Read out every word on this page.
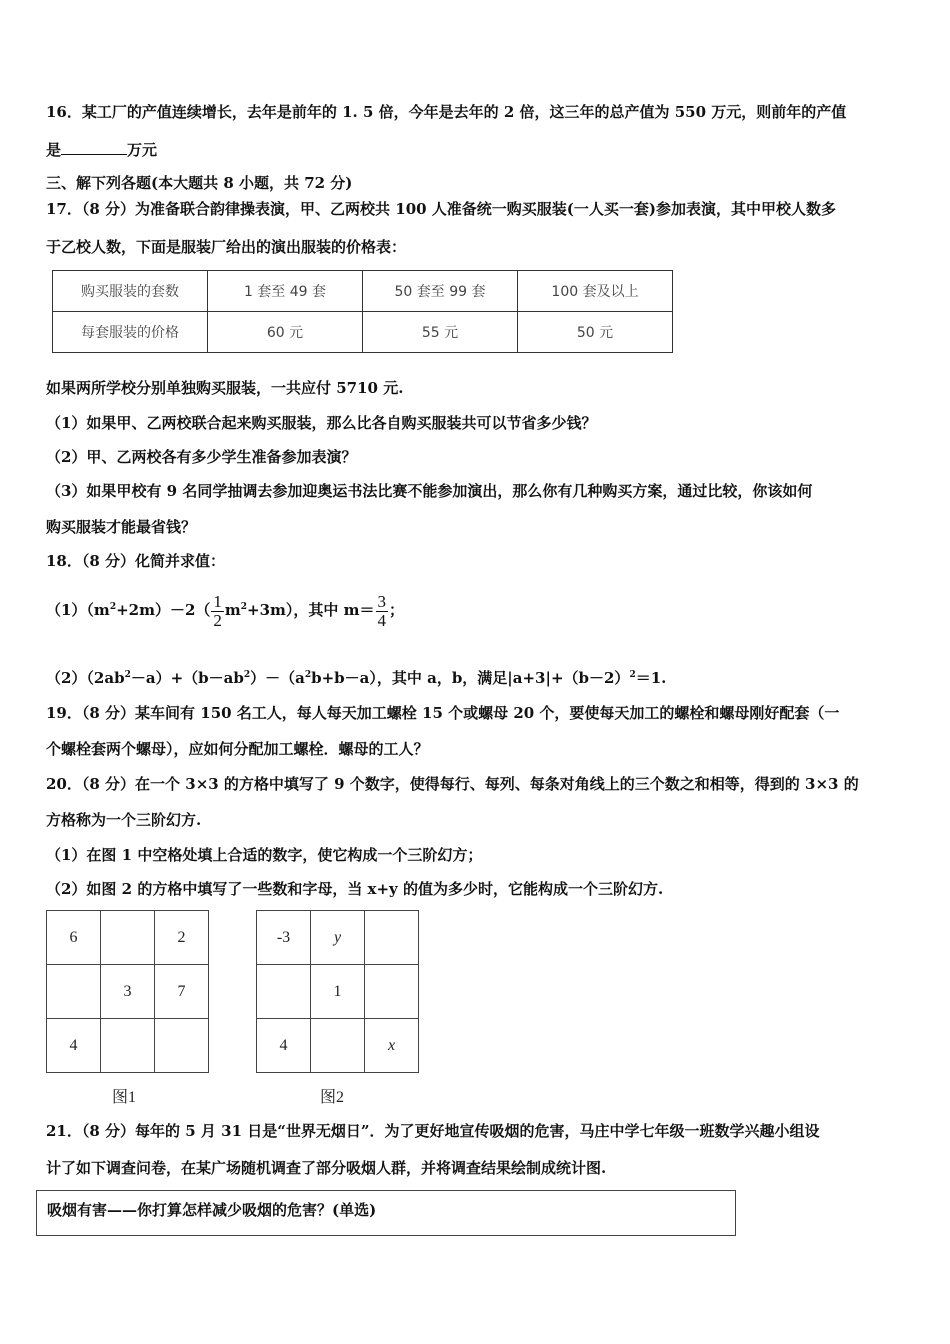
16．某工厂的产值连续增长，去年是前年的 1. 5 倍，今年是去年的 2 倍，这三年的总产值为 550 万元，则前年的产值
是	万元
三、解下列各题(本大题共 8 小题，共 72 分)
17．（8 分）为准备联合韵律操表演，甲、乙两校共 100 人准备统一购买服装(一人买一套)参加表演，其中甲校人数多
于乙校人数，下面是服装厂给出的演出服装的价格表：
购买服装的套数	1 套至 49 套	50 套至 99 套	100 套及以上
每套服装的价格	60 元	55 元	50 元
如果两所学校分别单独购买服装，一共应付 5710 元.
（1）如果甲、乙两校联合起来购买服装，那么比各自购买服装共可以节省多少钱？
（2）甲、乙两校各有多少学生准备参加表演？
（3）如果甲校有 9 名同学抽调去参加迎奥运书法比赛不能参加演出，那么你有几种购买方案，通过比较，你该如何
购买服装才能最省钱？
18．（8 分）化简并求值：
$(1)(m^2+2m)-2( \frac{1}{2} m^2+3m)$，其中 $m= \frac{3}{4}$ ；
$(2)(2ab^2-a)+(b-ab^2)-(a^2b+b-a)$，其中 a，b，满足$|a+3|+(b-2)^2=1$.
19．（8 分）某车间有 150 名工人，每人每天加工螺栓 15 个或螺母 20 个，要使每天加工的螺栓和螺母刚好配套（一
个螺栓套两个螺母），应如何分配加工螺栓．螺母的工人？
20．（8 分）在一个 3×3 的方格中填写了 9 个数字，使得每行、每列、每条对角线上的三个数之和相等，得到的 3×3 的
方格称为一个三阶幻方.
（1）在图 1 中空格处填上合适的数字，使它构成一个三阶幻方；
（2）如图 2 的方格中填写了一些数和字母，当 x+y 的值为多少时，它能构成一个三阶幻方.
6		2
	3	7
4		
图1
-3	y	
	1	
4		x
图2
21．（8 分）每年的 5 月 31 日是“世界无烟日”．为了更好地宣传吸烟的危害，马庄中学七年级一班数学兴趣小组设
计了如下调查问卷，在某广场随机调查了部分吸烟人群，并将调查结果绘制成统计图.
吸烟有害——你打算怎样减少吸烟的危害？(单选)
